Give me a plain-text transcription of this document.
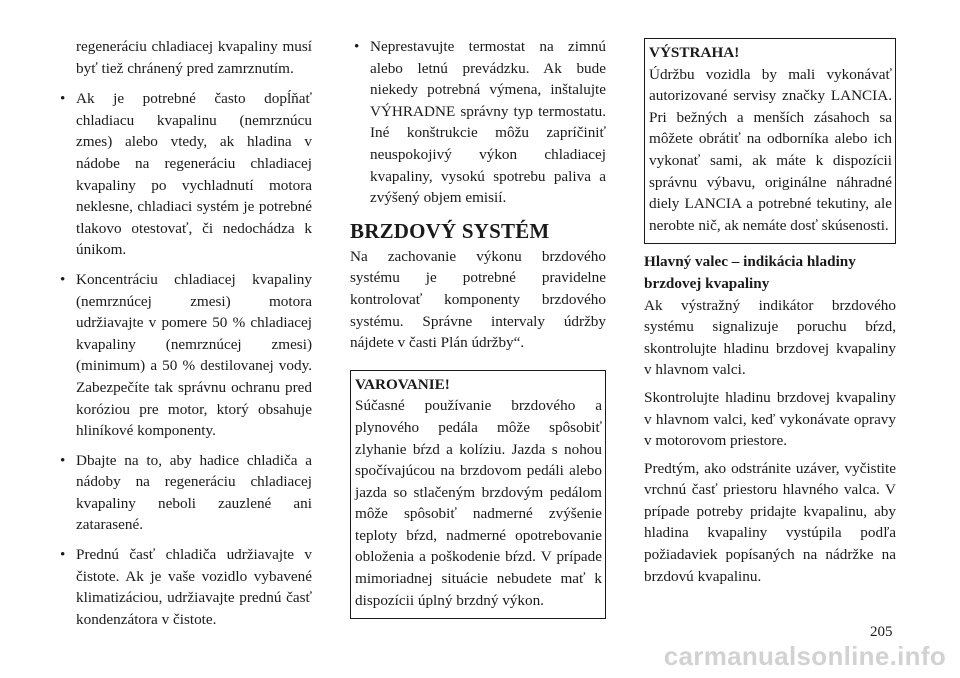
regeneráciu chladiacej kvapaliny musí byť tiež chránený pred zamrznutím.

• Ak je potrebné často dopĺňať chladiacu kvapalinu (nemrznúcu zmes) alebo vtedy, ak hladina v nádobe na regeneráciu chladiacej kvapaliny po vychladnutí motora neklesne, chladiaci systém je potrebné tlakovo otestovať, či nedochádza k únikom.
• Koncentráciu chladiacej kvapaliny (nemrznúcej zmesi) motora udržiavajte v pomere 50 % chladiacej kvapaliny (nemrznúcej zmesi) (minimum) a 50 % destilovanej vody. Zabezpečíte tak správnu ochranu pred koróziou pre motor, ktorý obsahuje hliníkové komponenty.
• Dbajte na to, aby hadice chladiča a nádoby na regeneráciu chladiacej kvapaliny neboli zauzlené ani zatarasené.
• Prednú časť chladiča udržiavajte v čistote. Ak je vaše vozidlo vybavené klimatizáciou, udržiavajte prednú časť kondenzátora v čistote.
• Neprestavujte termostat na zimnú alebo letnú prevádzku. Ak bude niekedy potrebná výmena, inštalujte VÝHRADNE správny typ termostatu. Iné konštrukcie môžu zapríčiniť neuspokojivý výkon chladiacej kvapaliny, vysokú spotrebu paliva a zvýšený objem emisií.
BRZDOVÝ SYSTÉM

Na zachovanie výkonu brzdového systému je potrebné pravidelne kontrolovať komponenty brzdového systému. Správne intervaly údržby nájdete v časti Plán údržby“.

VAROVANIE!

Súčasné používanie brzdového a plynového pedála môže spôsobiť zlyhanie bŕzd a kolíziu. Jazda s nohou spočívajúcou na brzdovom pedáli alebo jazda so stlačeným brzdovým pedálom môže spôsobiť nadmerné zvýšenie teploty bŕzd, nadmerné opotrebovanie obloženia a poškodenie bŕzd. V prípade mimoriadnej situácie nebudete mať k dispozícii úplný brzdný výkon.

VÝSTRAHA!

Údržbu vozidla by mali vykonávať autorizované servisy značky LANCIA. Pri bežných a menších zásahoch sa môžete obrátiť na odborníka alebo ich vykonať sami, ak máte k dispozícii správnu výbavu, originálne náhradné diely LANCIA a potrebné tekutiny, ale nerobte nič, ak nemáte dosť skúsenosti.

Hlavný valec – indikácia hladiny brzdovej kvapaliny

Ak výstražný indikátor brzdového systému signalizuje poruchu bŕzd, skontrolujte hladinu brzdovej kvapaliny v hlavnom valci.

Skontrolujte hladinu brzdovej kvapaliny v hlavnom valci, keď vykonávate opravy v motorovom priestore.

Predtým, ako odstránite uzáver, vyčistite vrchnú časť priestoru hlavného valca. V prípade potreby pridajte kvapalinu, aby hladina kvapaliny vystúpila podľa požiadaviek popísaných na nádržke na brzdovú kvapalinu.

205
carmanualsonline.info
